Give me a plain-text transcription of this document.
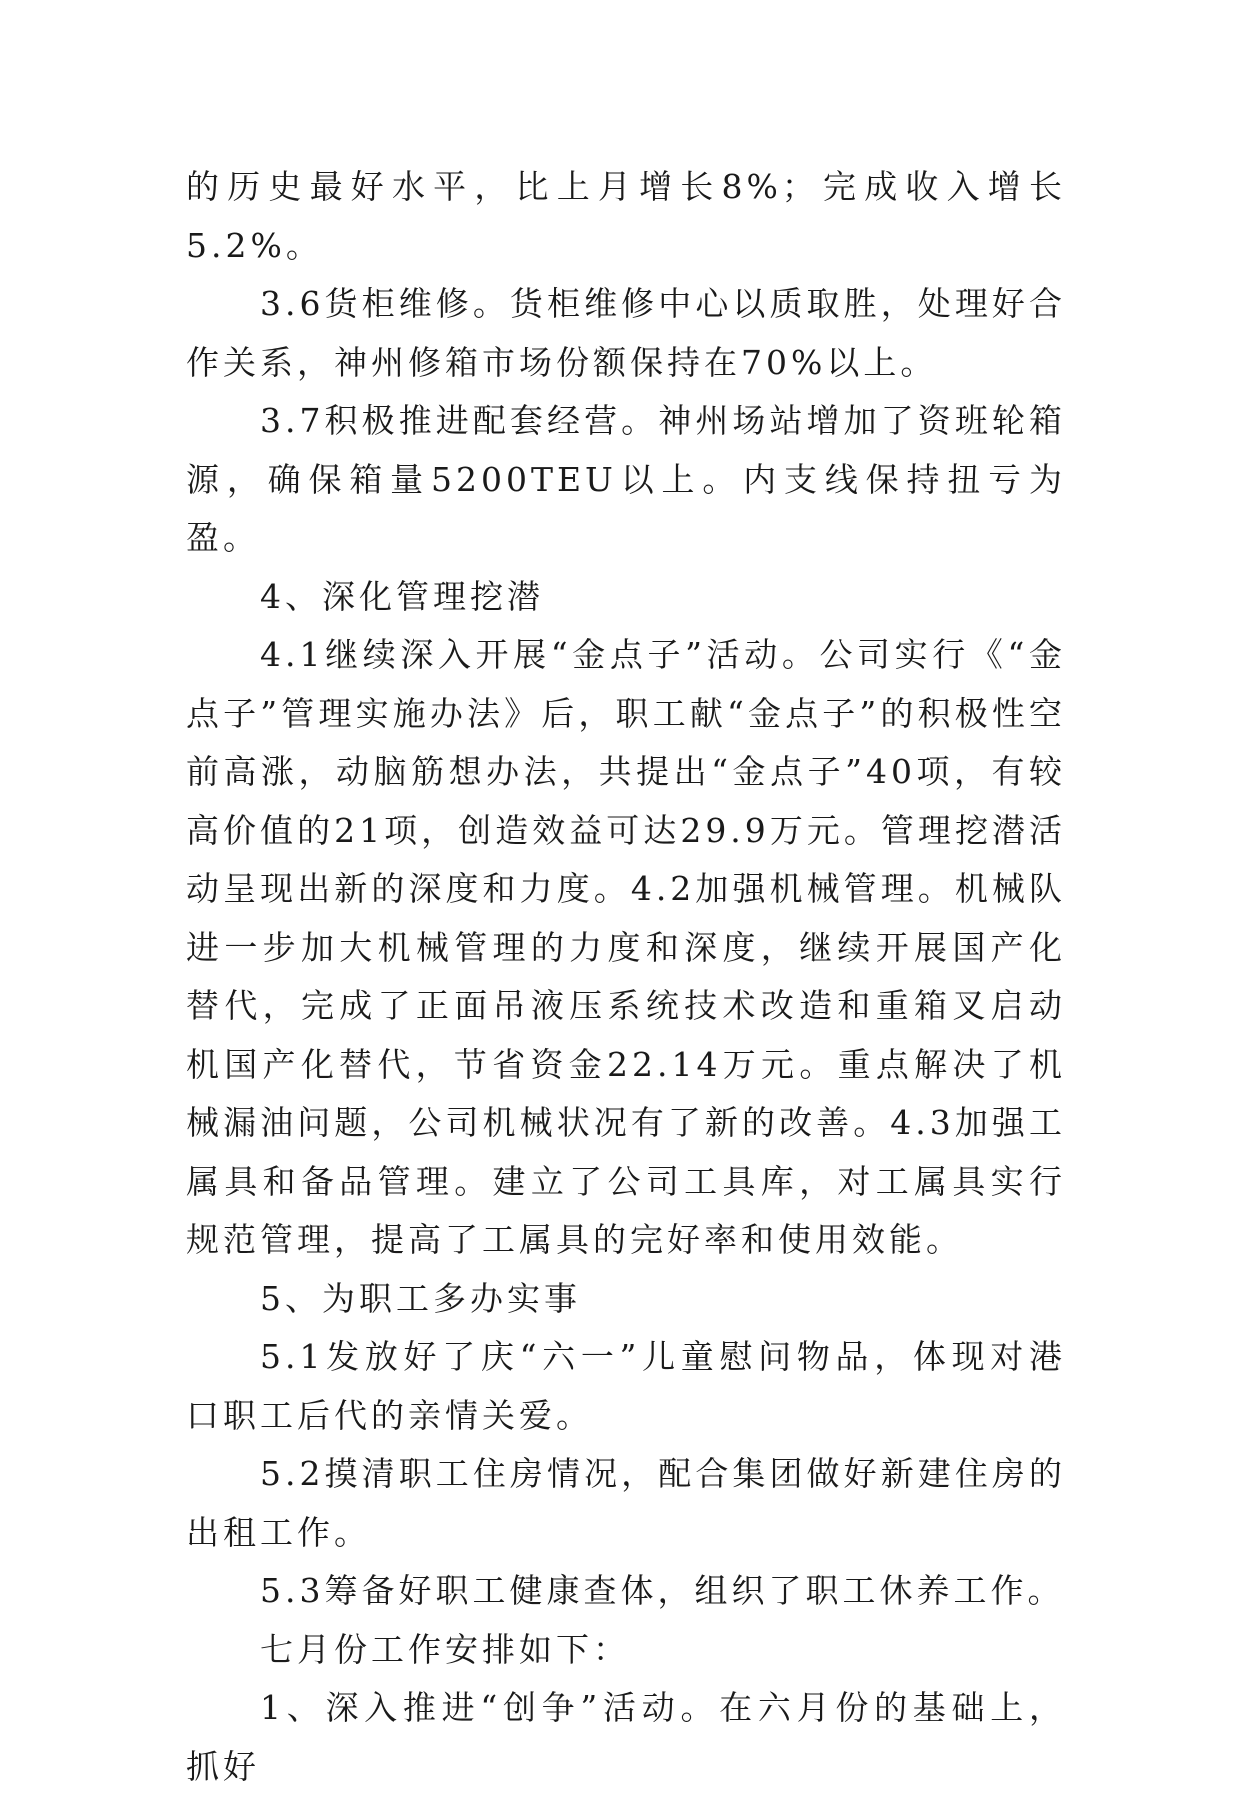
的历史最好水平，比上月增长8%；完成收入增长5.2%。

3.6货柜维修。货柜维修中心以质取胜，处理好合作关系，神州修箱市场份额保持在70%以上。

3.7积极推进配套经营。神州场站增加了资班轮箱源，确保箱量5200TEU以上。内支线保持扭亏为盈。

4、深化管理挖潜

4.1继续深入开展“金点子”活动。公司实行《“金点子”管理实施办法》后，职工献“金点子”的积极性空前高涨，动脑筋想办法，共提出“金点子”40项，有较高价值的21项，创造效益可达29.9万元。管理挖潜活动呈现出新的深度和力度。4.2加强机械管理。机械队进一步加大机械管理的力度和深度，继续开展国产化替代，完成了正面吊液压系统技术改造和重箱叉启动机国产化替代，节省资金22.14万元。重点解决了机械漏油问题，公司机械状况有了新的改善。4.3加强工属具和备品管理。建立了公司工具库，对工属具实行规范管理，提高了工属具的完好率和使用效能。

5、为职工多办实事

5.1发放好了庆“六一”儿童慰问物品，体现对港口职工后代的亲情关爱。

5.2摸清职工住房情况，配合集团做好新建住房的出租工作。

5.3筹备好职工健康查体，组织了职工休养工作。

七月份工作安排如下：

1、深入推进“创争”活动。在六月份的基础上，抓好
